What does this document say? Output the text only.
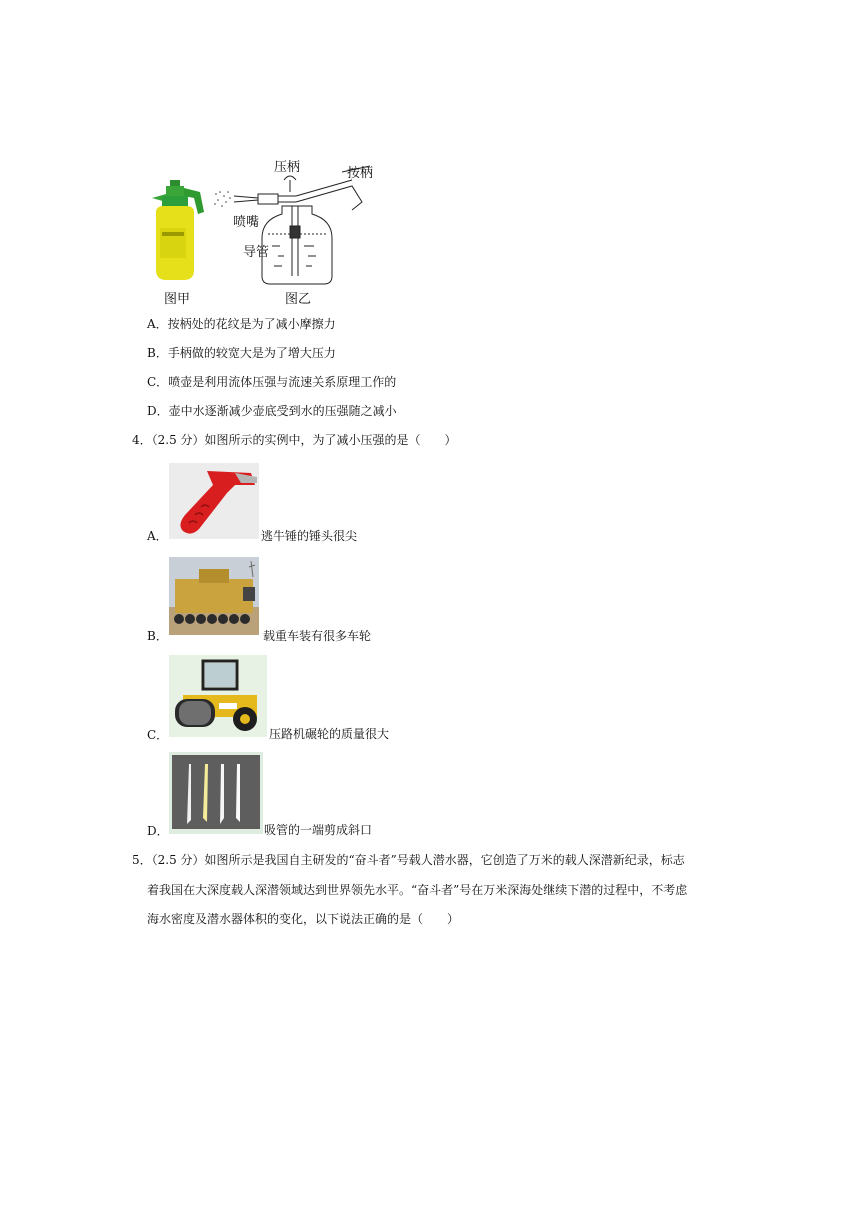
压柄	按柄
喷嘴
导管
图甲	图乙
A．按柄处的花纹是为了减小摩擦力
B．手柄做的较宽大是为了增大压力
C．喷壶是利用流体压强与流速关系原理工作的
D．壶中水逐渐减少壶底受到水的压强随之减小
4．（2.5 分）如图所示的实例中，为了减小压强的是（　　）
A．	逃牛锤的锤头很尖
B．	载重车装有很多车轮
C．	压路机碾轮的质量很大
D．	吸管的一端剪成斜口
5．（2.5 分）如图所示是我国自主研发的“奋斗者”号载人潜水器，它创造了万米的载人深潜新纪录，标志
着我国在大深度载人深潜领域达到世界领先水平。“奋斗者”号在万米深海处继续下潜的过程中，不考虑
海水密度及潜水器体积的变化，以下说法正确的是（　　）
